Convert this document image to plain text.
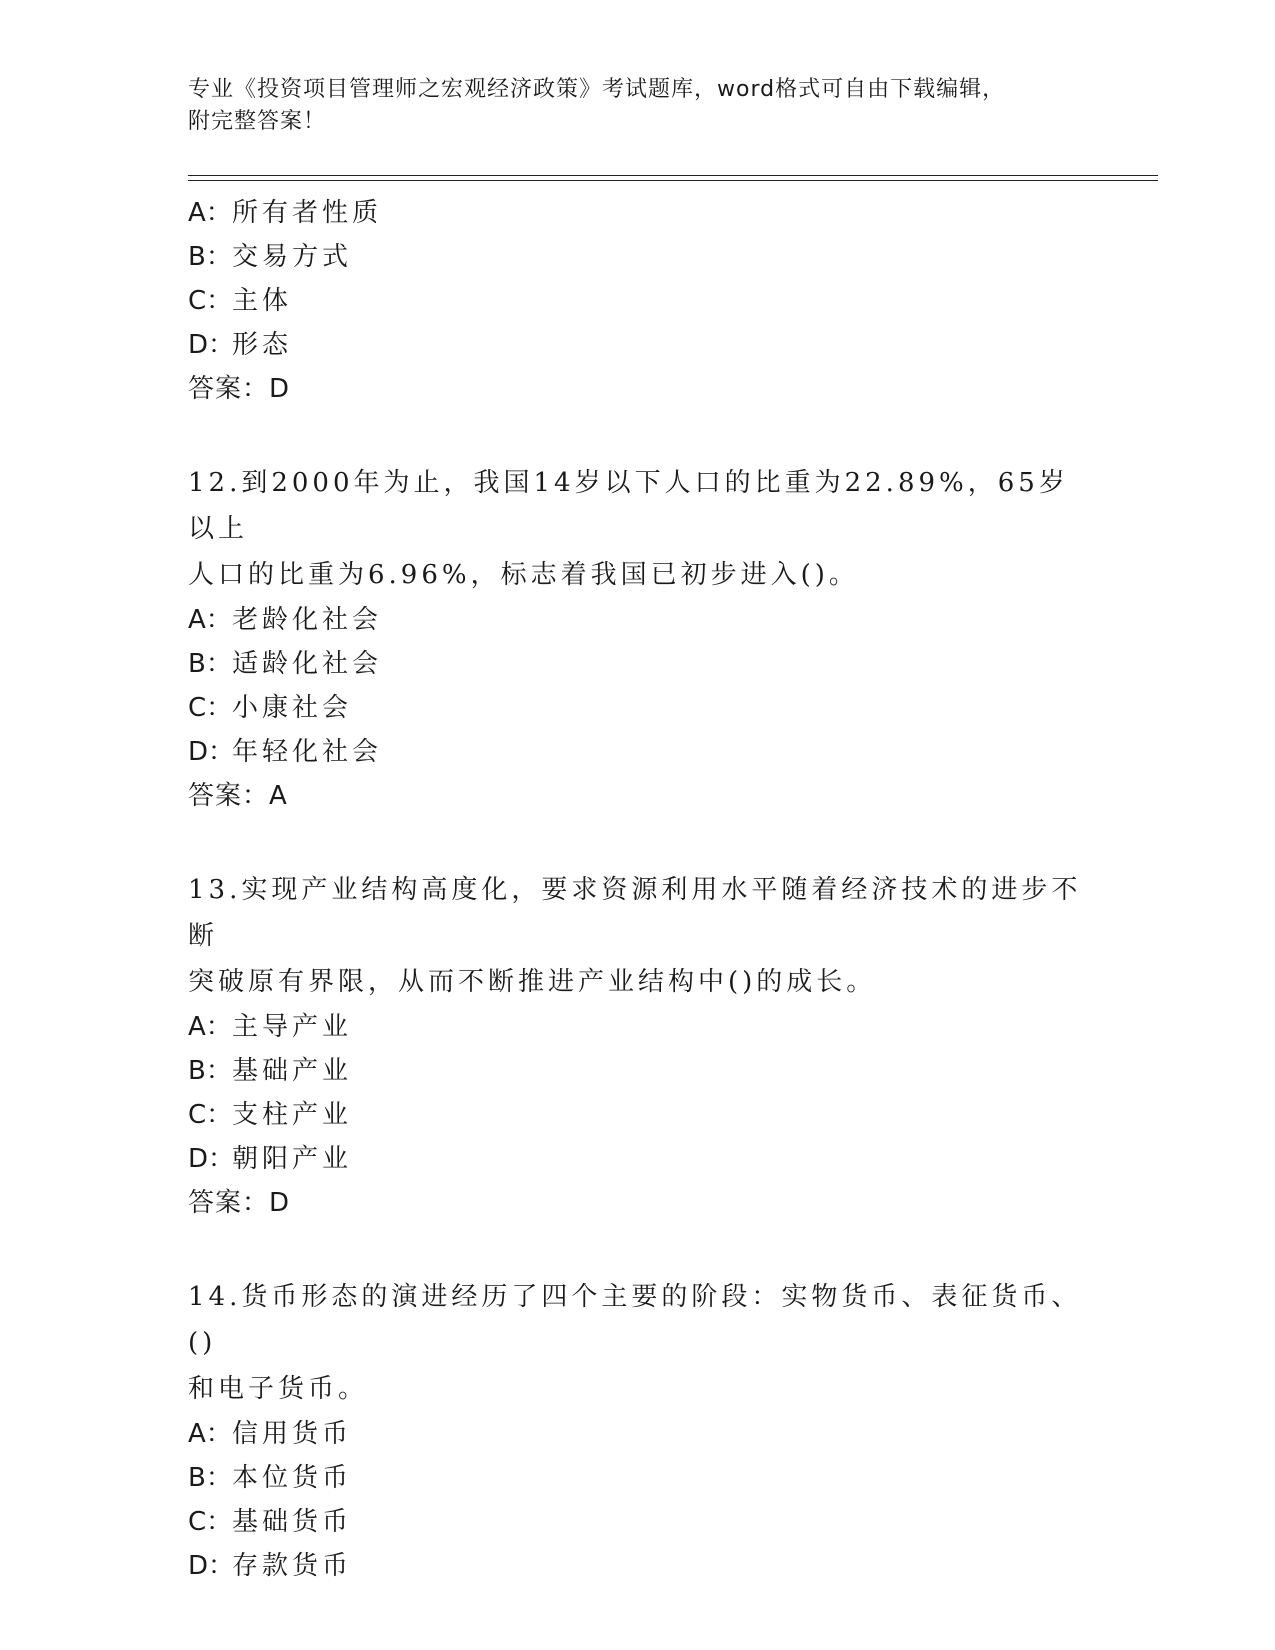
专业《投资项目管理师之宏观经济政策》考试题库，word格式可自由下载编辑，
附完整答案！
A：所有者性质
B：交易方式
C：主体
D：形态
答案：D
12.到2000年为止，我国14岁以下人口的比重为22.89%，65岁以上
人口的比重为6.96%，标志着我国已初步进入()。
A：老龄化社会
B：适龄化社会
C：小康社会
D：年轻化社会
答案：A
13.实现产业结构高度化，要求资源利用水平随着经济技术的进步不断
突破原有界限，从而不断推进产业结构中()的成长。
A：主导产业
B：基础产业
C：支柱产业
D：朝阳产业
答案：D
14.货币形态的演进经历了四个主要的阶段：实物货币、表征货币、()
和电子货币。
A：信用货币
B：本位货币
C：基础货币
D：存款货币
